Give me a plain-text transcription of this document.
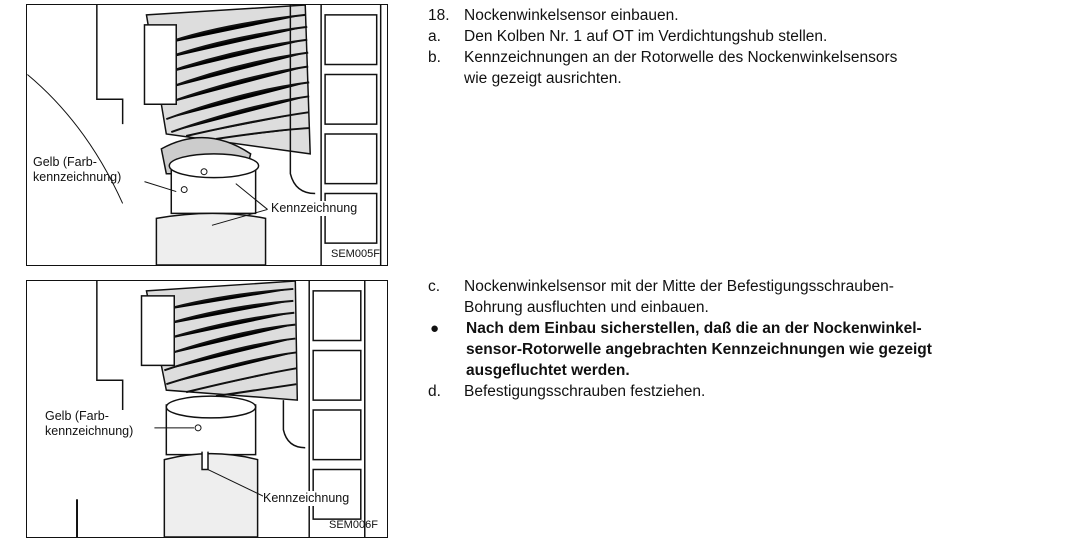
Gelb (Farb-
kennzeichnung)
Kennzeichnung
SEM005F
Gelb (Farb-
kennzeichnung)
Kennzeichnung
SEM006F
18. Nockenwinkelsensor einbauen.
a.	Den Kolben Nr. 1 auf OT im Verdichtungshub stellen.
b.	Kennzeichnungen an der Rotorwelle des Nockenwinkelsensors
wie gezeigt ausrichten.
c.	Nockenwinkelsensor mit der Mitte der Befestigungsschrauben-
Bohrung ausfluchten und einbauen.
●	Nach dem Einbau sicherstellen, daß die an der Nockenwinkel-
sensor-Rotorwelle angebrachten Kennzeichnungen wie gezeigt
ausgefluchtet werden.
d.	Befestigungsschrauben festziehen.
